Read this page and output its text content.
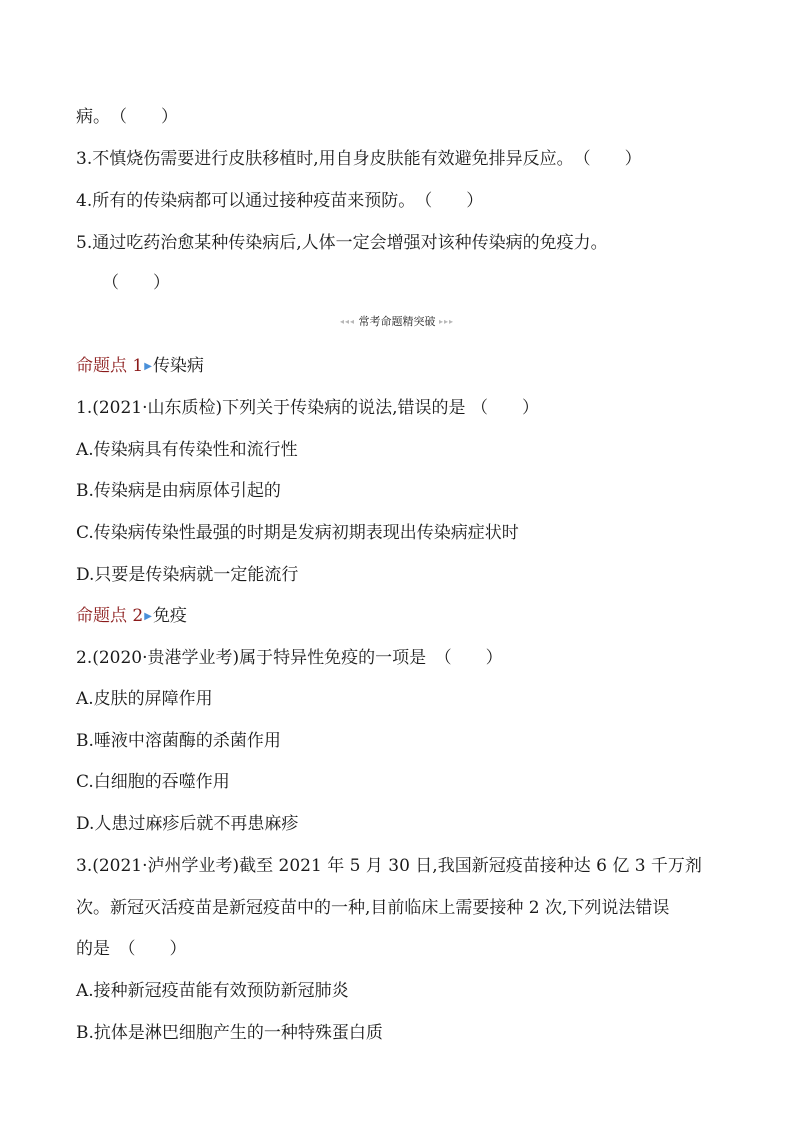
病。　（　　）
3.不慎烧伤需要进行皮肤移植时,用自身皮肤能有效避免排异反应。　（　　）
4.所有的传染病都可以通过接种疫苗来预防。　（　　）
5.通过吃药治愈某种传染病后,人体一定会增强对该种传染病的免疫力。
（　　）
◂◂◂ 常考命题精突破 ▸▸▸
命题点 1▶传染病
1.(2021·山东质检)下列关于传染病的说法,错误的是 （　　）
A.传染病具有传染性和流行性
B.传染病是由病原体引起的
C.传染病传染性最强的时期是发病初期表现出传染病症状时
D.只要是传染病就一定能流行
命题点 2▶免疫
2.(2020·贵港学业考)属于特异性免疫的一项是　（　　）
A.皮肤的屏障作用
B.唾液中溶菌酶的杀菌作用
C.白细胞的吞噬作用
D.人患过麻疹后就不再患麻疹
3.(2021·泸州学业考)截至 2021 年 5 月 30 日,我国新冠疫苗接种达 6 亿 3 千万剂
次。新冠灭活疫苗是新冠疫苗中的一种,目前临床上需要接种 2 次,下列说法错误
的是　（　　）
A.接种新冠疫苗能有效预防新冠肺炎
B.抗体是淋巴细胞产生的一种特殊蛋白质
